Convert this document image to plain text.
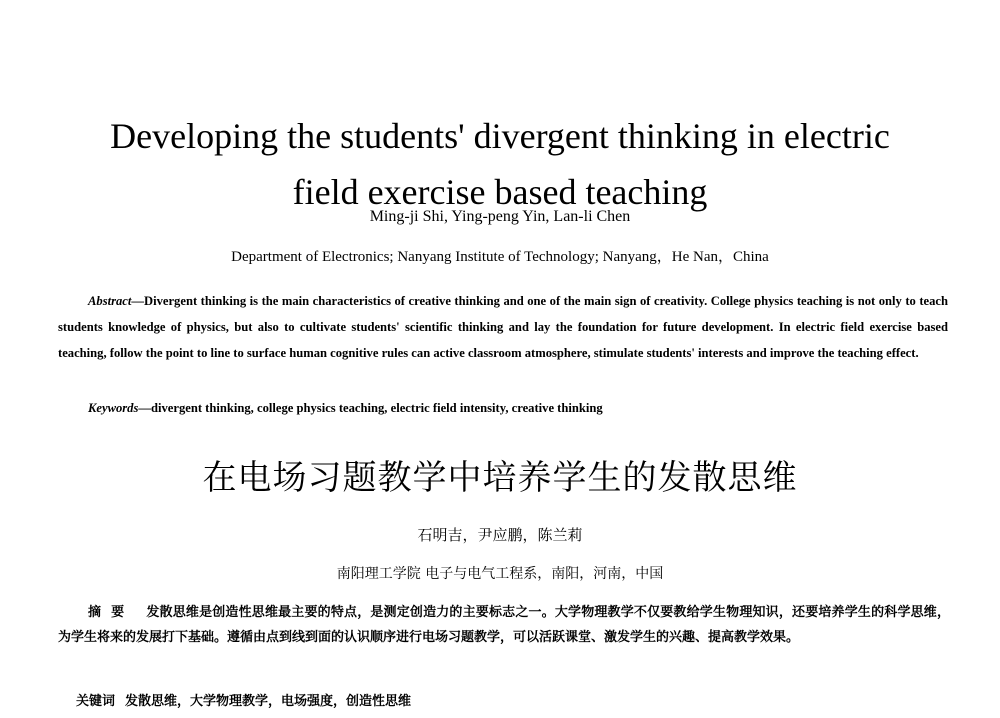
Developing the students' divergent thinking in electric
field exercise based teaching
Ming-ji Shi, Ying-peng Yin, Lan-li Chen
Department of Electronics; Nanyang Institute of Technology; Nanyang，He Nan，China
Abstract—Divergent thinking is the main characteristics of creative thinking and one of the main sign of creativity. College physics teaching is not only to teach students knowledge of physics, but also to cultivate students' scientific thinking and lay the foundation for future development. In electric field exercise based teaching, follow the point to line to surface human cognitive rules can active classroom atmosphere, stimulate students' interests and improve the teaching effect.
Keywords—divergent thinking, college physics teaching, electric field intensity, creative thinking
在电场习题教学中培养学生的发散思维
石明吉，尹应鹏，陈兰莉
南阳理工学院 电子与电气工程系，南阳，河南，中国
摘要 发散思维是创造性思维最主要的特点，是测定创造力的主要标志之一。大学物理教学不仅要教给学生物理知识，还要培养学生的科学思维，为学生将来的发展打下基础。遵循由点到线到面的认识顺序进行电场习题教学，可以活跃课堂、激发学生的兴趣、提高教学效果。
关键词 发散思维，大学物理教学，电场强度，创造性思维
